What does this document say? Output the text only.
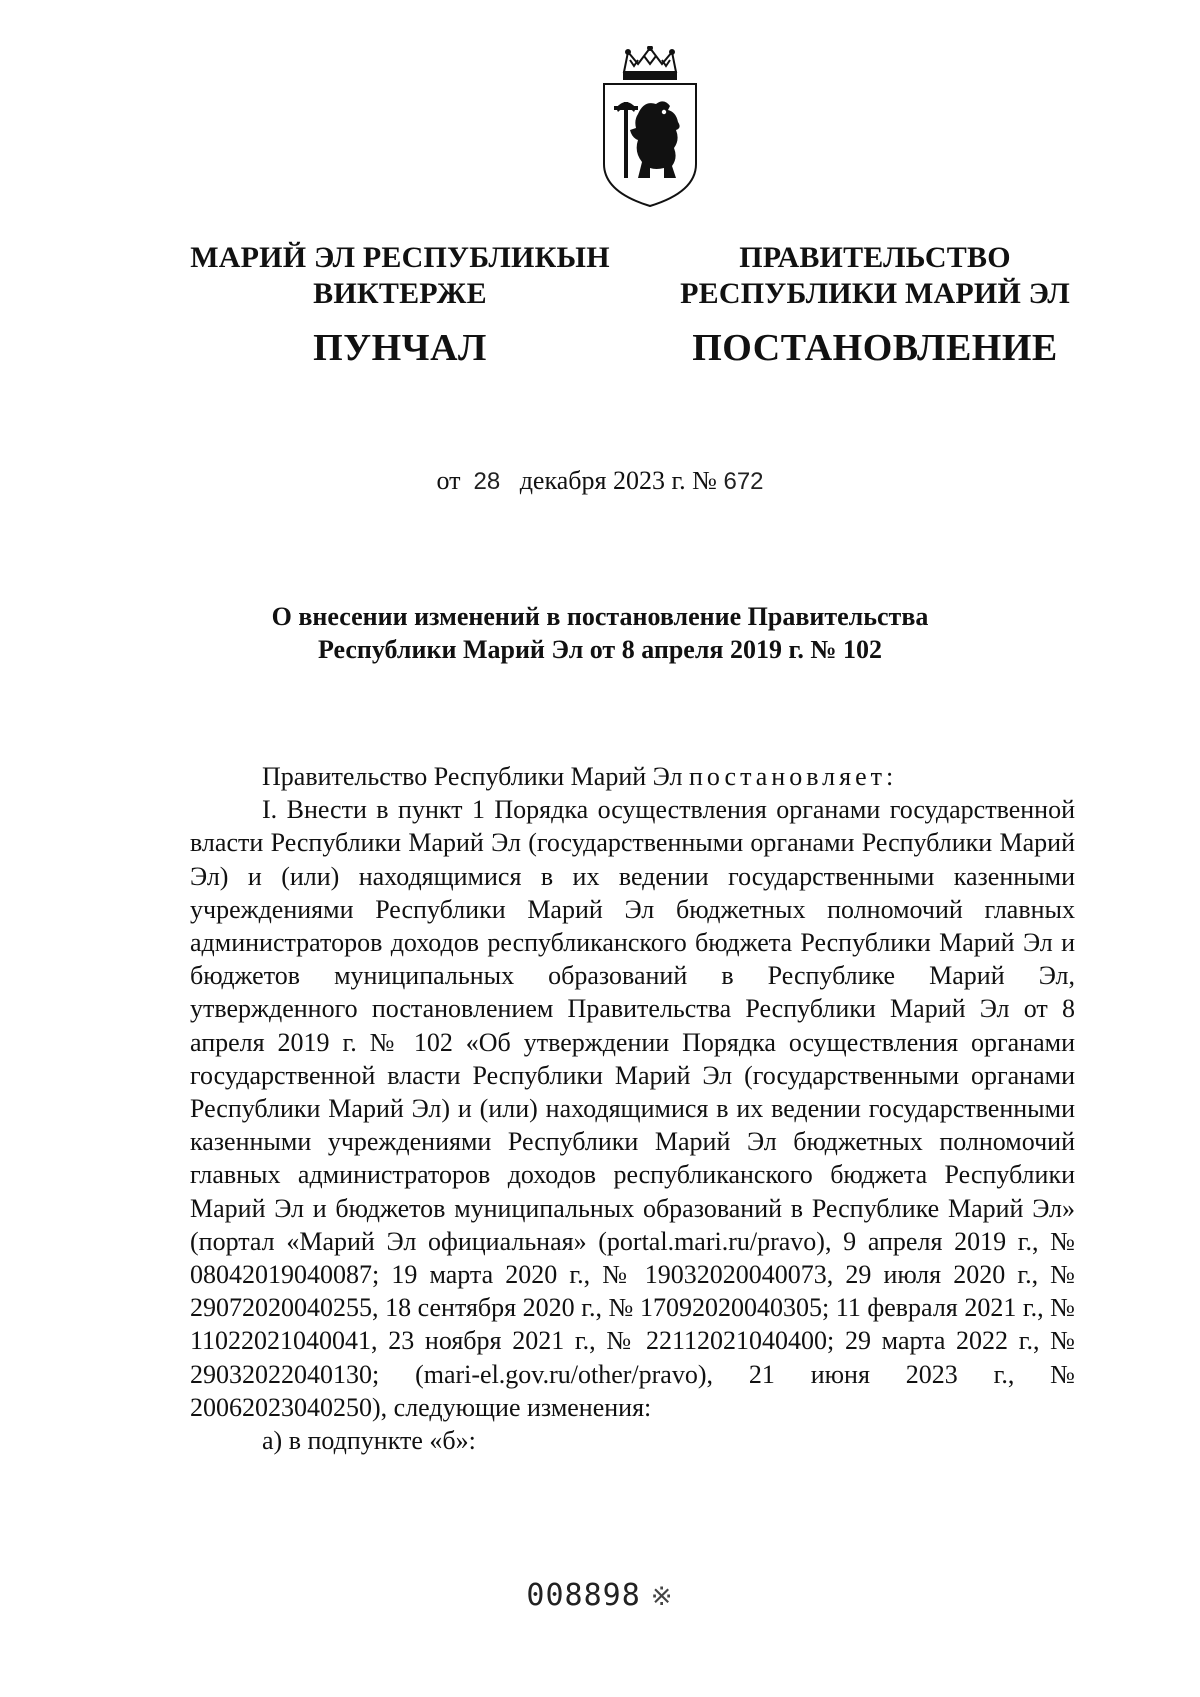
МАРИЙ ЭЛ РЕСПУБЛИКЫН
ВИКТЕРЖЕ
ПУНЧАЛ
ПРАВИТЕЛЬСТВО
РЕСПУБЛИКИ МАРИЙ ЭЛ
ПОСТАНОВЛЕНИЕ
от 28 декабря 2023 г. № 672
О внесении изменений в постановление Правительства
Республики Марий Эл от 8 апреля 2019 г. № 102

Правительство Республики Марий Эл постановляет:

I. Внести в пункт 1 Порядка осуществления органами государственной власти Республики Марий Эл (государственными органами Республики Марий Эл) и (или) находящимися в их ведении государственными казенными учреждениями Республики Марий Эл бюджетных полномочий главных администраторов доходов республиканского бюджета Республики Марий Эл и бюджетов муниципальных образований в Республике Марий Эл, утвержденного постановлением Правительства Республики Марий Эл от 8 апреля 2019 г. № 102 «Об утверждении Порядка осуществления органами государственной власти Республики Марий Эл (государственными органами Республики Марий Эл) и (или) находящимися в их ведении государственными казенными учреждениями Республики Марий Эл бюджетных полномочий главных администраторов доходов республиканского бюджета Республики Марий Эл и бюджетов муниципальных образований в Республике Марий Эл» (портал «Марий Эл официальная» (portal.mari.ru/pravo), 9 апреля 2019 г., № 08042019040087; 19 марта 2020 г., № 19032020040073, 29 июля 2020 г., № 29072020040255, 18 сентября 2020 г., № 17092020040305; 11 февраля 2021 г., № 11022021040041, 23 ноября 2021 г., № 22112021040400; 29 марта 2022 г., № 29032022040130; (mari-el.gov.ru/other/pravo), 21 июня 2023 г., № 20062023040250), следующие изменения:

а) в подпункте «б»:

008898 ※
